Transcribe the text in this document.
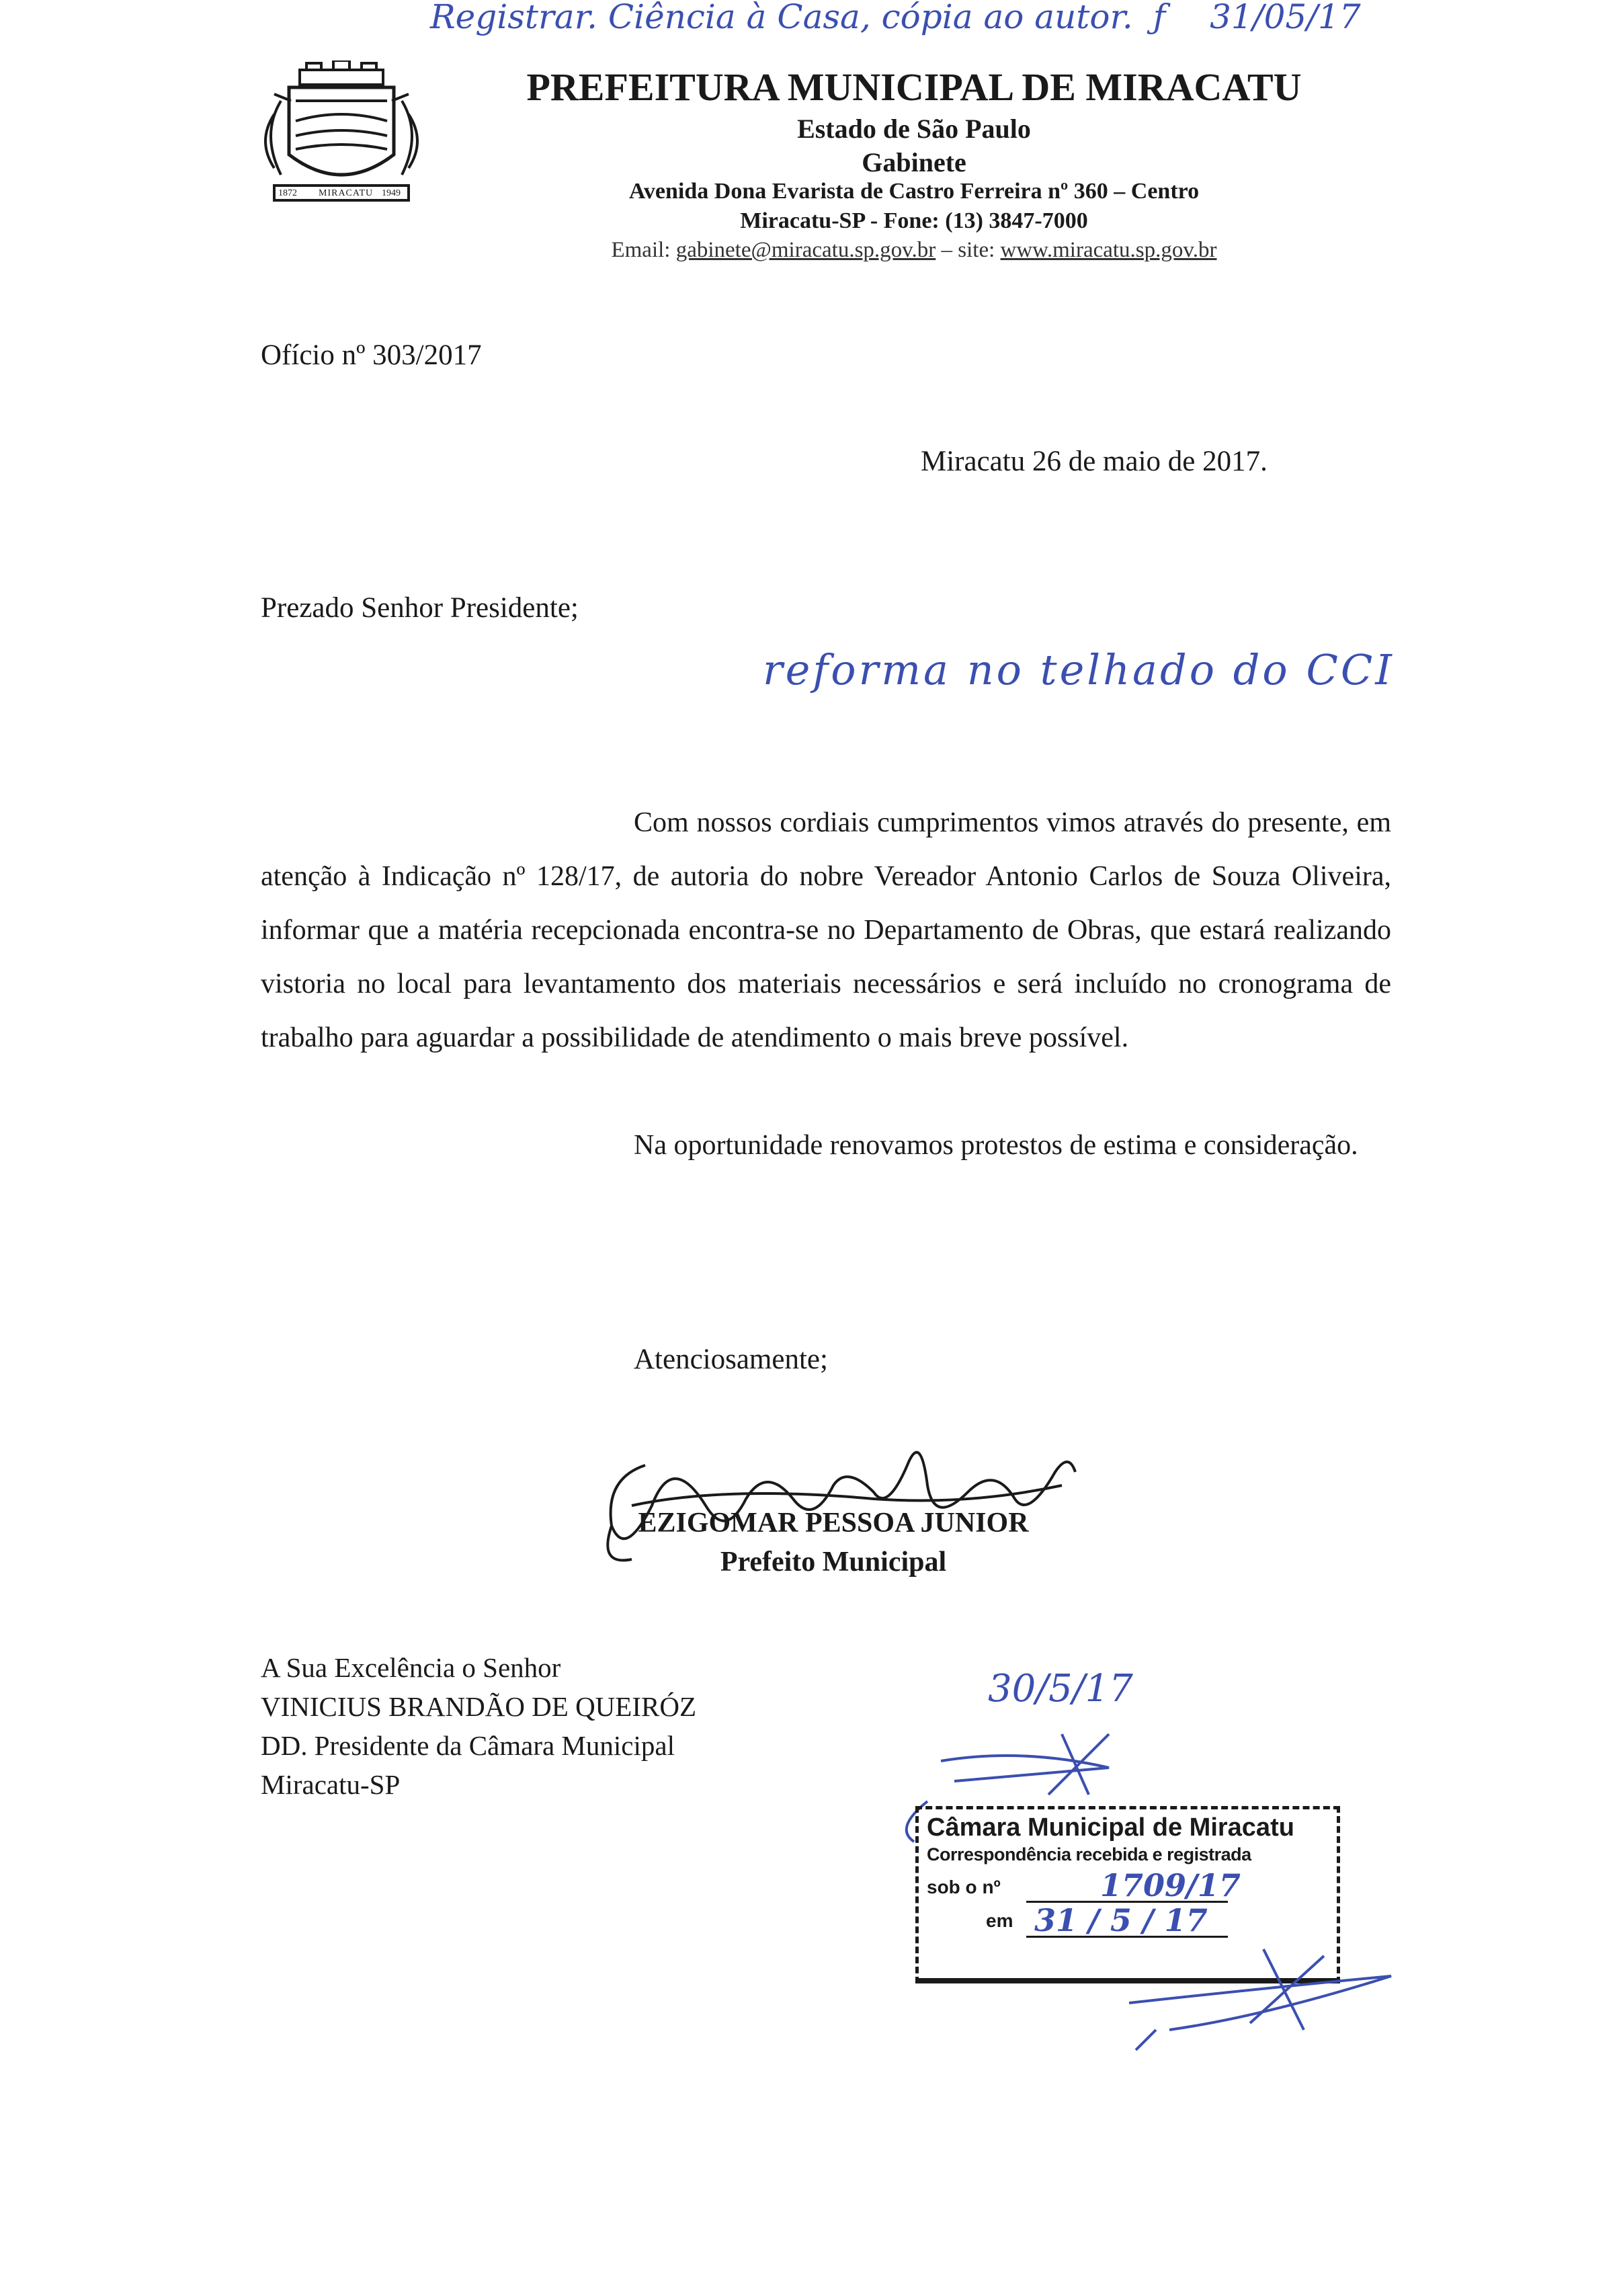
Registrar. Ciência à Casa, cópia ao autor. ƒ 31/05/17
1872 MIRACATU 1949
PREFEITURA MUNICIPAL DE MIRACATU
Estado de São Paulo
Gabinete
Avenida Dona Evarista de Castro Ferreira nº 360 – Centro
Miracatu-SP - Fone: (13) 3847-7000
Email: gabinete@miracatu.sp.gov.br – site: www.miracatu.sp.gov.br
Ofício nº 303/2017
Miracatu 26 de maio de 2017.
Prezado Senhor Presidente;
reforma no telhado do CCI
Com nossos cordiais cumprimentos vimos através do presente, em atenção à Indicação nº 128/17, de autoria do nobre Vereador Antonio Carlos de Souza Oliveira, informar que a matéria recepcionada encontra-se no Departamento de Obras, que estará realizando vistoria no local para levantamento dos materiais necessários e será incluído no cronograma de trabalho para aguardar a possibilidade de atendimento o mais breve possível.
Na oportunidade renovamos protestos de estima e consideração.
Atenciosamente;
EZIGOMAR PESSOA JUNIOR
Prefeito Municipal
A Sua Excelência o Senhor
VINICIUS BRANDÃO DE QUEIRÓZ
DD. Presidente da Câmara Municipal
Miracatu-SP
30/5/17
Câmara Municipal de Miracatu
Correspondência recebida e registrada
sob o nº	1709/17
em 31 / 5 / 17
